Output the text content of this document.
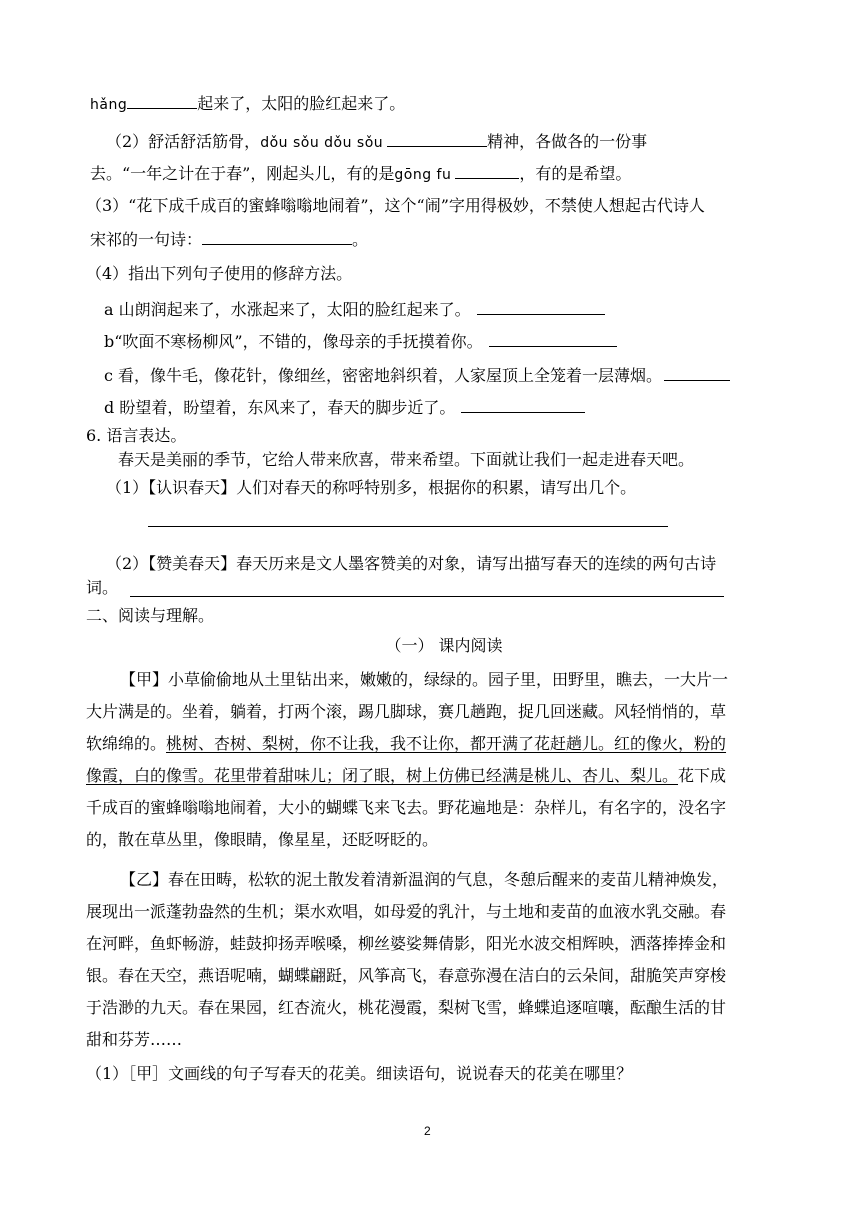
hǎng	起来了，太阳的脸红起来了。
（2）舒活舒活筋骨，dǒu sǒu dǒu sǒu	精神，各做各的一份事
去。“一年之计在于春”，刚起头儿，有的是gōng fu	，有的是希望。
（3）“花下成千成百的蜜蜂嗡嗡地闹着”，这个“闹”字用得极妙，不禁使人想起古代诗人
宋祁的一句诗：	。
（4）指出下列句子使用的修辞方法。
a 山朗润起来了，水涨起来了，太阳的脸红起来了。
b“吹面不寒杨柳风”，不错的，像母亲的手抚摸着你。
c 看，像牛毛，像花针，像细丝，密密地斜织着，人家屋顶上全笼着一层薄烟。
d 盼望着，盼望着，东风来了，春天的脚步近了。
6. 语言表达。
春天是美丽的季节，它给人带来欣喜，带来希望。下面就让我们一起走进春天吧。
（1）【认识春天】人们对春天的称呼特别多，根据你的积累，请写出几个。
（2）【赞美春天】春天历来是文人墨客赞美的对象，请写出描写春天的连续的两句古诗
词。
二、阅读与理解。
（一） 课内阅读
【甲】小草偷偷地从土里钻出来，嫩嫩的，绿绿的。园子里，田野里，瞧去，一大片一
大片满是的。坐着，躺着，打两个滚，踢几脚球，赛几趟跑，捉几回迷藏。风轻悄悄的，草
软绵绵的。桃树、杏树、梨树，你不让我，我不让你，都开满了花赶趟儿。红的像火，粉的
像霞，白的像雪。花里带着甜味儿；闭了眼，树上仿佛已经满是桃儿、杏儿、梨儿。花下成
千成百的蜜蜂嗡嗡地闹着，大小的蝴蝶飞来飞去。野花遍地是：杂样儿，有名字的，没名字
的，散在草丛里，像眼睛，像星星，还眨呀眨的。
【乙】春在田畴，松软的泥土散发着清新温润的气息，冬憩后醒来的麦苗儿精神焕发，
展现出一派蓬勃盎然的生机；渠水欢唱，如母爱的乳汁，与土地和麦苗的血液水乳交融。春
在河畔，鱼虾畅游，蛙鼓抑扬弄喉嗓，柳丝婆娑舞倩影，阳光水波交相辉映，洒落捧捧金和
银。春在天空，燕语呢喃，蝴蝶翩跹，风筝高飞，春意弥漫在洁白的云朵间，甜脆笑声穿梭
于浩渺的九天。春在果园，红杏流火，桃花漫霞，梨树飞雪，蜂蝶追逐喧嚷，酝酿生活的甘
甜和芬芳……
（1）［甲］文画线的句子写春天的花美。细读语句，说说春天的花美在哪里？
2
